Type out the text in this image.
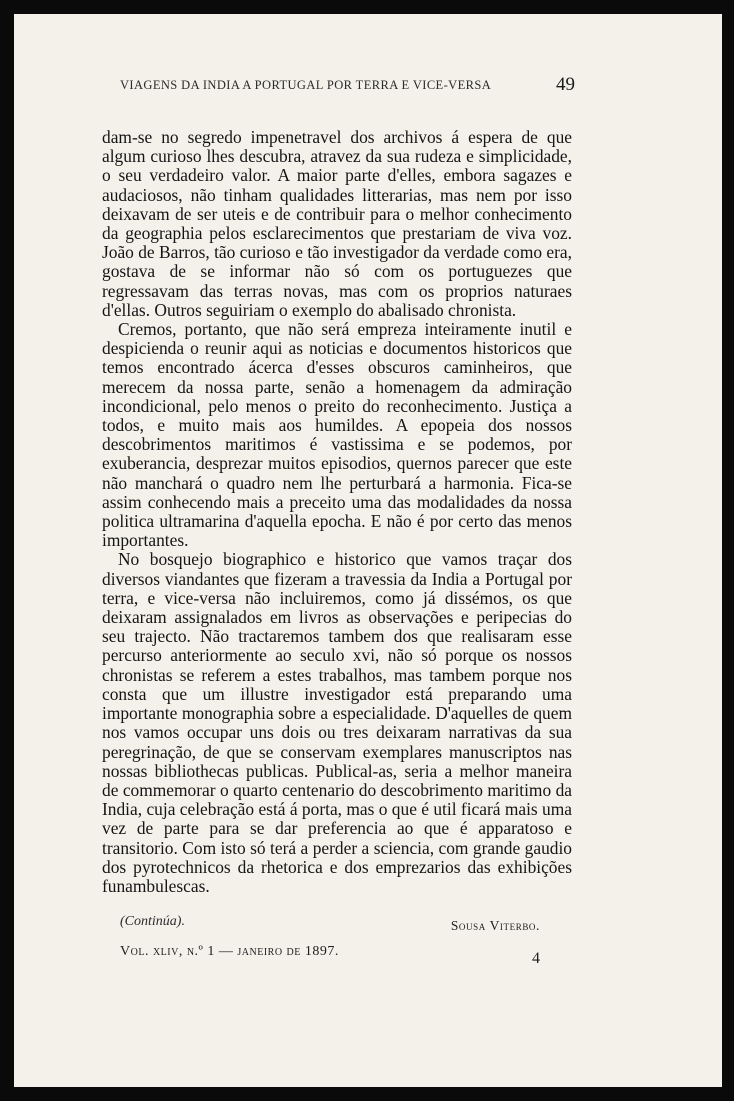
VIAGENS DA INDIA A PORTUGAL POR TERRA E VICE-VERSA	49

dam-se no segredo impenetravel dos archivos á espera de que algum curioso lhes descubra, atravez da sua rudeza e simplicidade, o seu verdadeiro valor. A maior parte d'elles, embora sagazes e audaciosos, não tinham qualidades litterarias, mas nem por isso deixavam de ser uteis e de contribuir para o melhor conhecimento da geographia pelos esclarecimentos que prestariam de viva voz. João de Barros, tão curioso e tão investigador da verdade como era, gostava de se informar não só com os portuguezes que regressavam das terras novas, mas com os proprios naturaes d'ellas. Outros seguiriam o exemplo do abalisado chronista.

Cremos, portanto, que não será empreza inteiramente inutil e despicienda o reunir aqui as noticias e documentos historicos que temos encontrado ácerca d'esses obscuros caminheiros, que merecem da nossa parte, senão a homenagem da admiração incondicional, pelo menos o preito do reconhecimento. Justiça a todos, e muito mais aos humildes. A epopeia dos nossos descobrimentos maritimos é vastissima e se podemos, por exuberancia, desprezar muitos episodios, quernos parecer que este não manchará o quadro nem lhe perturbará a harmonia. Fica-se assim conhecendo mais a preceito uma das modalidades da nossa politica ultramarina d'aquella epocha. E não é por certo das menos importantes.

No bosquejo biographico e historico que vamos traçar dos diversos viandantes que fizeram a travessia da India a Portugal por terra, e vice-versa não incluiremos, como já dissémos, os que deixaram assignalados em livros as observações e peripecias do seu trajecto. Não tractaremos tambem dos que realisaram esse percurso anteriormente ao seculo xvi, não só porque os nossos chronistas se referem a estes trabalhos, mas tambem porque nos consta que um illustre investigador está preparando uma importante monographia sobre a especialidade. D'aquelles de quem nos vamos occupar uns dois ou tres deixaram narrativas da sua peregrinação, de que se conservam exemplares manuscriptos nas nossas bibliothecas publicas. Publical-as, seria a melhor maneira de commemorar o quarto centenario do descobrimento maritimo da India, cuja celebração está á porta, mas o que é util ficará mais uma vez de parte para se dar preferencia ao que é apparatoso e transitorio. Com isto só terá a perder a sciencia, com grande gaudio dos pyrotechnicos da rhetorica e dos emprezarios das exhibições funambulescas.

(Continúa).	Sousa Viterbo.
Vol. xliv, n.º 1 — janeiro de 1897.	4
